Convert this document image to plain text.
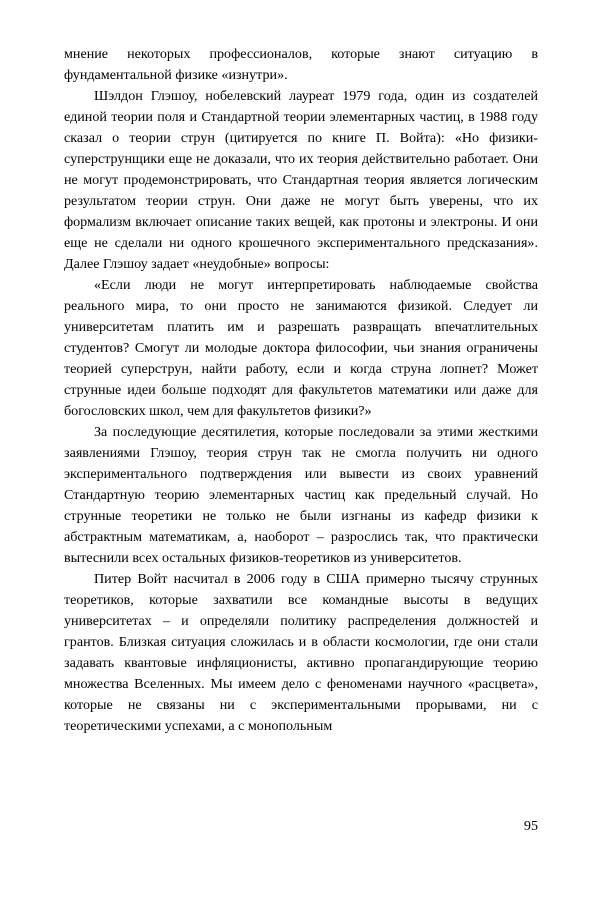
мнение некоторых профессионалов, которые знают ситуацию в фундаментальной физике «изнутри».

Шэлдон Глэшоу, нобелевский лауреат 1979 года, один из создателей единой теории поля и Стандартной теории элементарных частиц, в 1988 году сказал о теории струн (цитируется по книге П. Войта): «Но физики-суперструнщики еще не доказали, что их теория действительно работает. Они не могут продемонстрировать, что Стандартная теория является логическим результатом теории струн. Они даже не могут быть уверены, что их формализм включает описание таких вещей, как протоны и электроны. И они еще не сделали ни одного крошечного экспериментального предсказания». Далее Глэшоу задает «неудобные» вопросы:

«Если люди не могут интерпретировать наблюдаемые свойства реального мира, то они просто не занимаются физикой. Следует ли университетам платить им и разрешать развращать впечатлительных студентов? Смогут ли молодые доктора философии, чьи знания ограничены теорией суперструн, найти работу, если и когда струна лопнет? Может струнные идеи больше подходят для факультетов математики или даже для богословских школ, чем для факультетов физики?»

За последующие десятилетия, которые последовали за этими жесткими заявлениями Глэшоу, теория струн так не смогла получить ни одного экспериментального подтверждения или вывести из своих уравнений Стандартную теорию элементарных частиц как предельный случай. Но струнные теоретики не только не были изгнаны из кафедр физики к абстрактным математикам, а, наоборот – разрослись так, что практически вытеснили всех остальных физиков-теоретиков из университетов.

Питер Войт насчитал в 2006 году в США примерно тысячу струнных теоретиков, которые захватили все командные высоты в ведущих университетах – и определяли политику распределения должностей и грантов. Близкая ситуация сложилась и в области космологии, где они стали задавать квантовые инфляционисты, активно пропагандирующие теорию множества Вселенных. Мы имеем дело с феноменами научного «расцвета», которые не связаны ни с экспериментальными прорывами, ни с теоретическими успехами, а с монопольным

95
